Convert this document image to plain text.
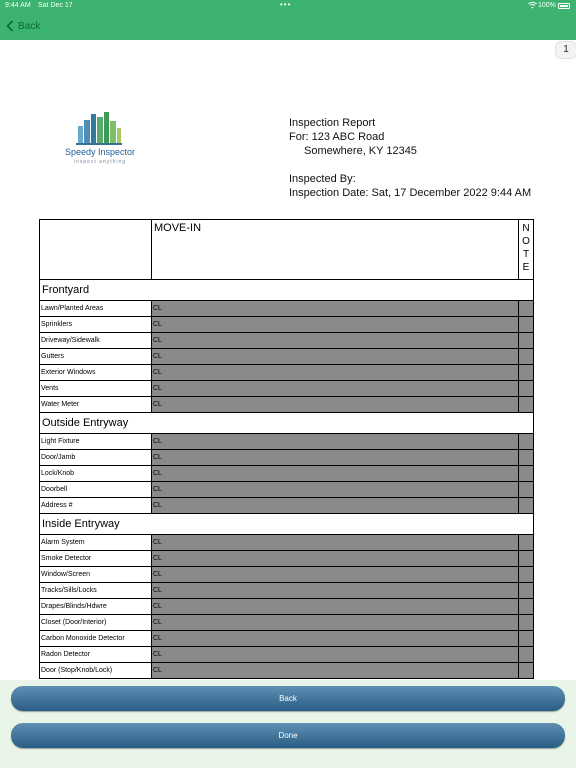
9:44 AM Sat Dec 17	•••	100%
Back
1
Speedy Inspector
inspect anything
Inspection Report
For: 123 ABC Road
Somewhere, KY 12345
Inspected By:
Inspection Date: Sat, 17 December 2022 9:44 AM
	MOVE-IN	N
O
T
E

Frontyard		
Lawn/Planted Areas	CL	
Sprinklers	CL	
Driveway/Sidewalk	CL	
Gutters	CL	
Exterior Windows	CL	
Vents	CL	
Water Meter	CL	
Outside Entryway		
Light Fixture	CL	
Door/Jamb	CL	
Lock/Knob	CL	
Doorbell	CL	
Address #	CL	
Inside Entryway		
Alarm System	CL	
Smoke Detector	CL	
Window/Screen	CL	
Tracks/Sills/Locks	CL	
Drapes/Blinds/Hdwre	CL	
Closet (Door/Interior)	CL	
Carbon Monoxide Detector	CL	
Radon Detector	CL	
Door (Stop/Knob/Lock)	CL	
Back
Done
